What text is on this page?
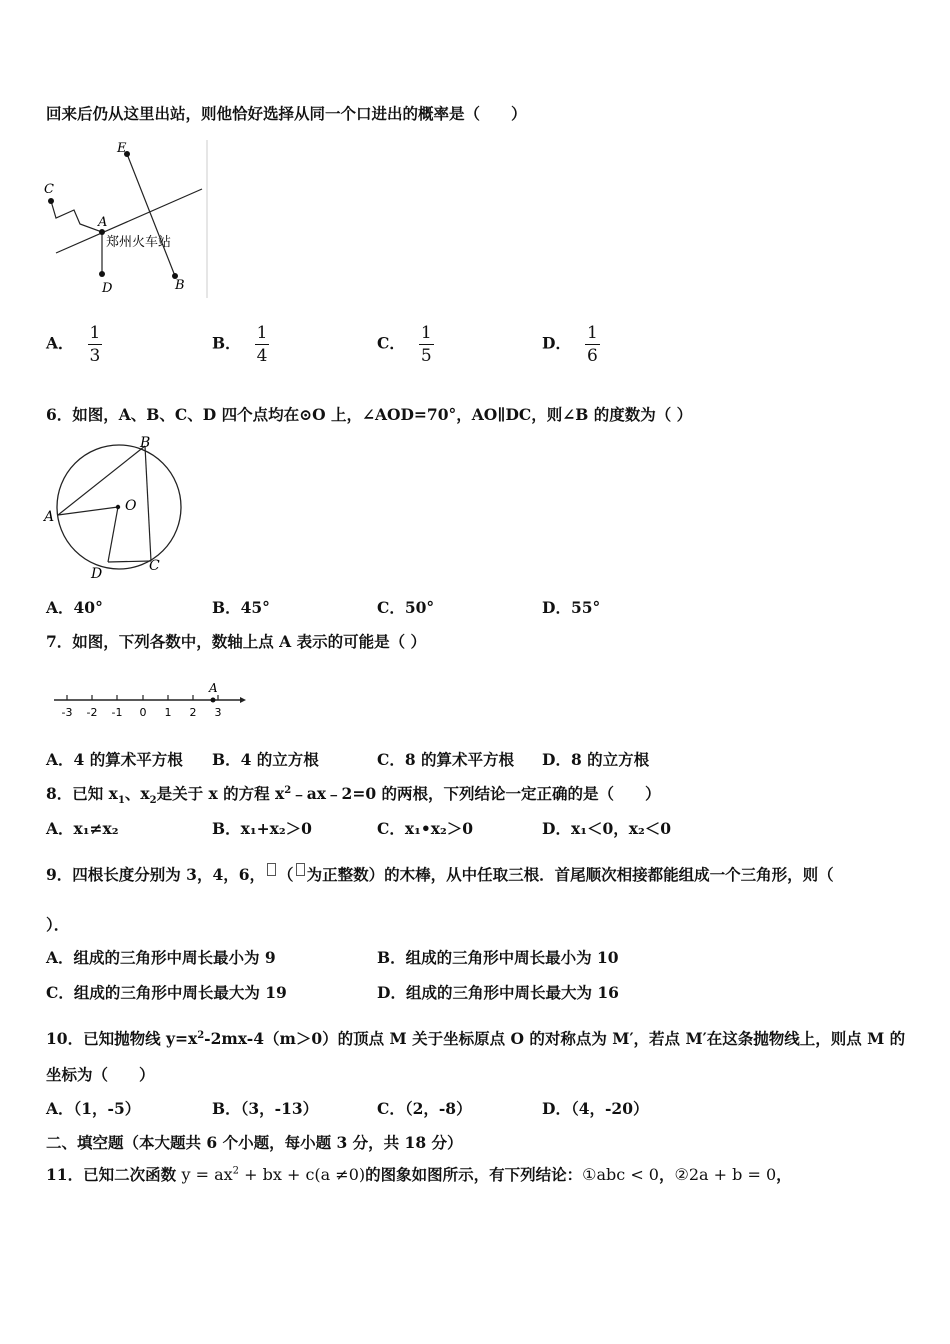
回来后仍从这里出站，则他恰好选择从同一个口进出的概率是（　　）
E
C
A
D	B
郑州火车站
A． $\frac{1}{3}$	B． $\frac{1}{4}$	C． $\frac{1}{5}$	D． $\frac{1}{6}$
6．如图，A、B、C、D 四个点均在⊙O 上，∠AOD=70°，AO∥DC，则∠B 的度数为（ ）
A
B
O
D	C
A．40°	B．45°	C．50°	D．55°
7．如图，下列各数中，数轴上点 A 表示的可能是（ ）
-3 -2 -1 0 1 2 3
A
A．4 的算术平方根 B．4 的立方根	C．8 的算术平方根 D．8 的立方根
8．已知 $x_1$、$x_2$是关于 x 的方程 $x^2﹣ax﹣2=0$ 的两根，下列结论一定正确的是（　　）
A．x₁≠x₂	B．x₁+x₂＞0	C．x₁•x₂＞0	D．x₁＜0，x₂＜0
9．四根长度分别为 3，4，6， （ 为正整数）的木棒，从中任取三根．首尾顺次相接都能组成一个三角形，则（
）．
A．组成的三角形中周长最小为 9	B．组成的三角形中周长最小为 10
C．组成的三角形中周长最大为 19	D．组成的三角形中周长最大为 16
10．已知抛物线 $y=x^2-2mx-4(m>0)$的顶点 M 关于坐标原点 O 的对称点为 M′，若点 M′在这条抛物线上，则点 M 的
坐标为（　　）
A．（1，-5）	B．（3，-13）	C．（2，-8）	D．（4，-20）
二、填空题（本大题共 6 个小题，每小题 3 分，共 18 分）
11．已知二次函数 $y = ax^2$ + bx + c(a ≠0)的图象如图所示，有下列结论：①abc < 0，②2a + b = 0，
